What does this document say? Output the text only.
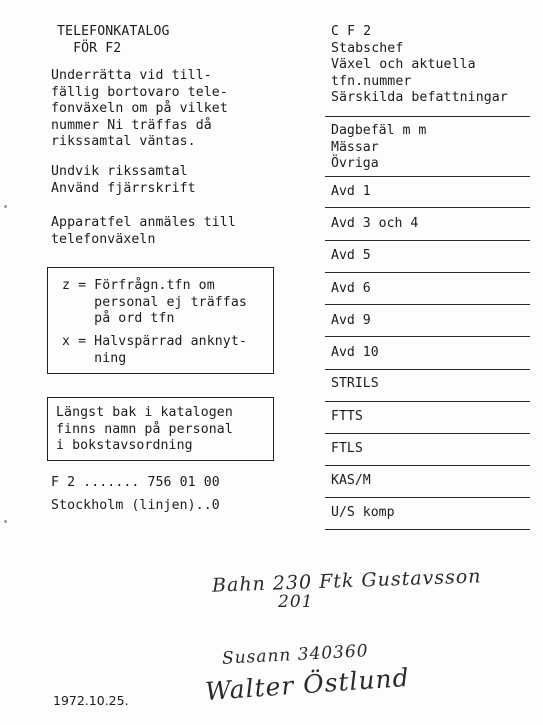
TELEFONKATALOG
FÖR F2
Underrätta vid till-
fällig bortovaro tele-
fonväxeln om på vilket
nummer Ni träffas då
rikssamtal väntas.
Undvik rikssamtal
Använd fjärrskrift
Apparatfel anmäles till
telefonväxeln
z = Förfrågn.tfn om
personal ej träffas
på ord tfn
x = Halvspärrad anknyt-
ning
Längst bak i katalogen
finns namn på personal
i bokstavsordning
F 2 ....... 756 01 00
Stockholm (linjen)..0
C F 2
Stabschef
Växel och aktuella
tfn.nummer
Särskilda befattningar
Dagbefäl m m
Mässar
Övriga
Avd 1
Avd 3 och 4
Avd 5
Avd 6
Avd 9
Avd 10
STRILS
FTTS
FTLS
KAS/M
U/S komp
Bahn 230 Ftk Gustavsson
201
Susann 340360
Walter Östlund
1972.10.25.
